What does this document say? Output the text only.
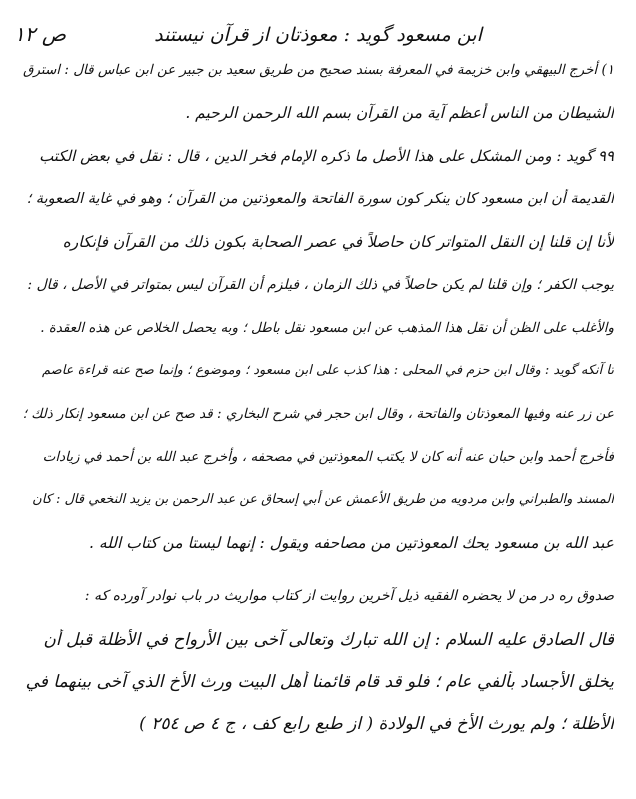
ص ١٢	ابن مسعود گوید : معوذتان از قرآن نیستند
١) أخرج البيهقي وابن خزيمة في المعرفة بسند صحيح من طريق سعيد بن جبير عن ابن عباس قال : استرق
الشيطان من الناس أعظم آية من القرآن بسم الله الرحمن الرحيم .
٩٩ گوید : ومن المشكل على هذا الأصل ما ذكره الإمام فخر الدين ، قال : نقل في بعض الكتب
القديمة أن ابن مسعود كان ينكر كون سورة الفاتحة والمعوذتين من القرآن ؛ وهو في غاية الصعوبة ؛
لأنا إن قلنا إن النقل المتواتر كان حاصلاً في عصر الصحابة بكون ذلك من القرآن فإنكاره
يوجب الكفر ؛ وإن قلنا لم يكن حاصلاً في ذلك الزمان ، فيلزم أن القرآن ليس بمتواتر في الأصل ، قال :
والأغلب على الظن أن نقل هذا المذهب عن ابن مسعود نقل باطل ؛ وبه يحصل الخلاص عن هذه العقدة .
تا آنكه گويد : وقال ابن حزم في المحلى : هذا كذب على ابن مسعود ؛ وموضوع ؛ وإنما صح عنه قراءة عاصم
عن زر عنه وفيها المعوذتان والفاتحة ، وقال ابن حجر في شرح البخاري : قد صح عن ابن مسعود إنكار ذلك ؛
فأخرج أحمد وابن حبان عنه أنه كان لا يكتب المعوذتين في مصحفه ، وأخرج عبد الله بن أحمد في زيادات
المسند والطبراني وابن مردويه من طريق الأعمش عن أبي إسحاق عن عبد الرحمن بن يزيد النخعي قال : كان
عبد الله بن مسعود يحك المعوذتين من مصاحفه ويقول : إنهما ليستا من كتاب الله .
صدوق ره در من لا يحضره الفقيه ذيل آخرين روايت از كتاب مواريث در باب نوادر آورده كه :
قال الصادق عليه السلام : إن الله تبارك وتعالى آخى بين الأرواح في الأظلة قبل أن
يخلق الأجساد بألفي عام ؛ فلو قد قام قائمنا أهل البيت ورث الأخ الذي آخى بينهما في
الأظلة ؛ ولم يورث الأخ في الولادة ( از طبع رابع كف ، ج ٤ ص ٢٥٤ )
